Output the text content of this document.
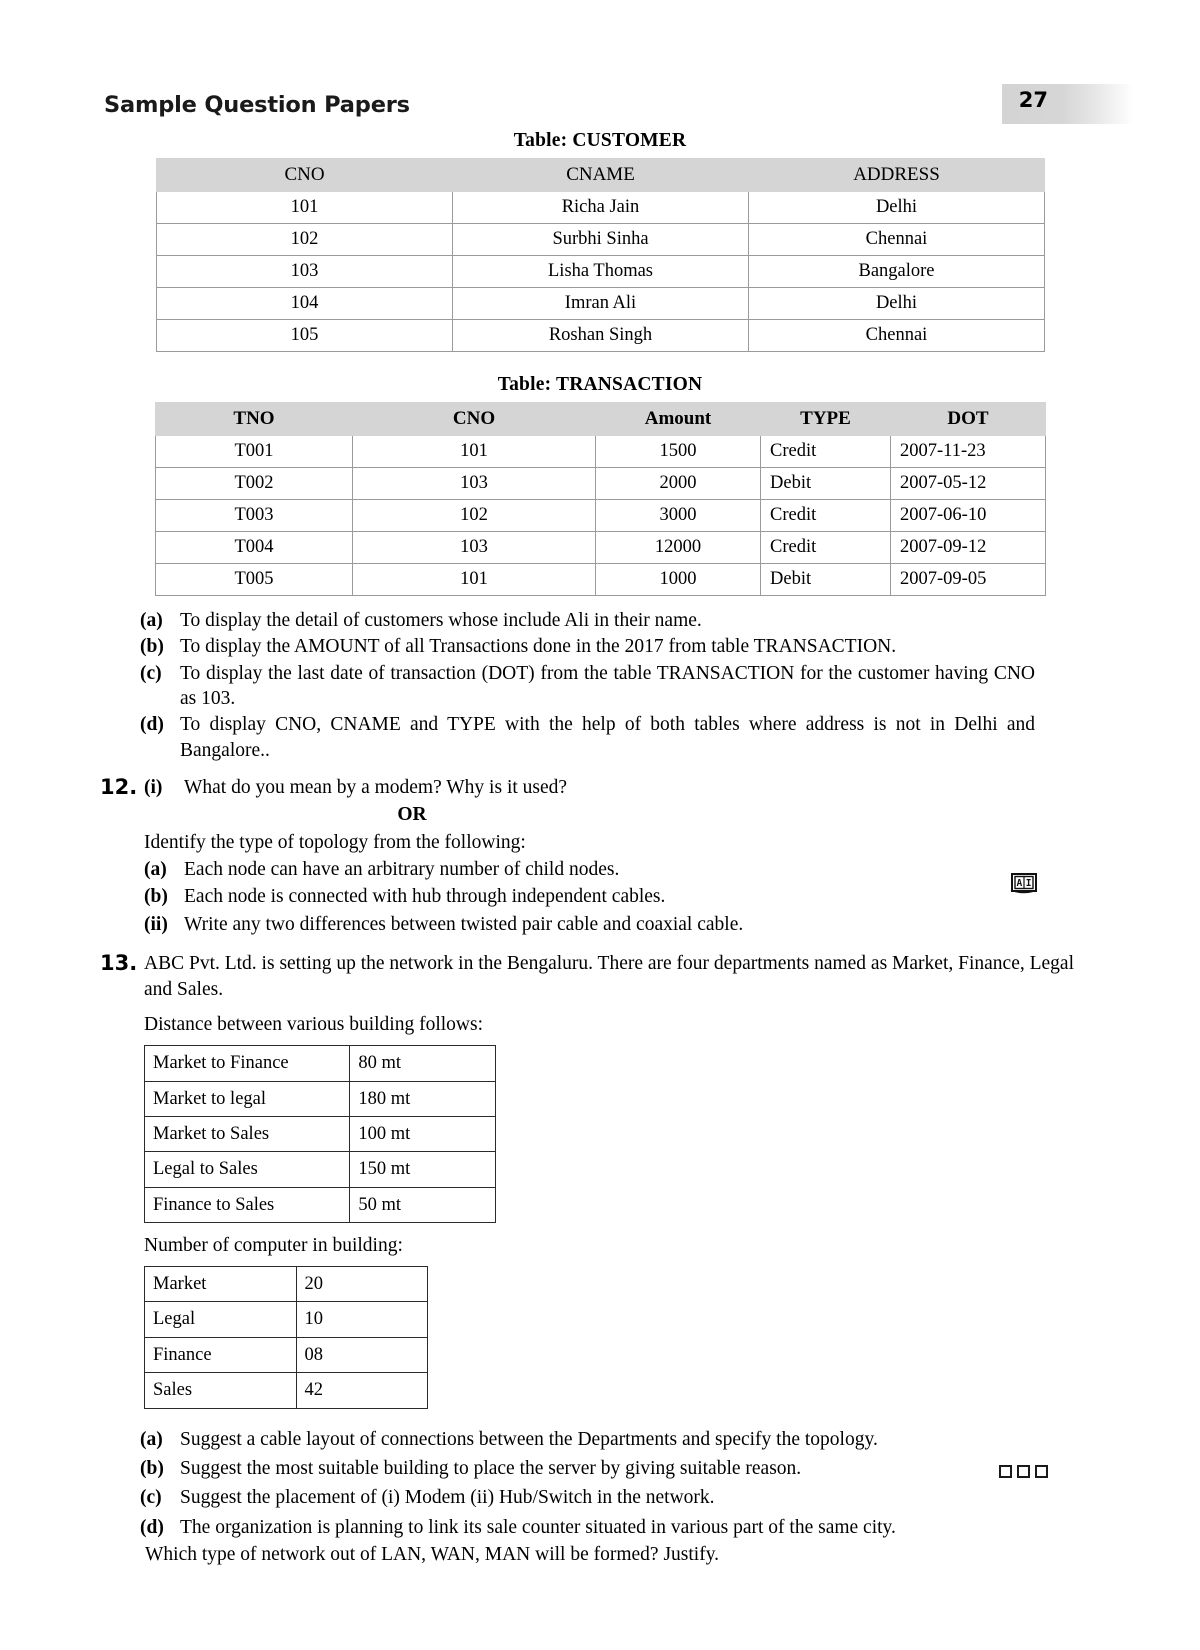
Sample Question Papers	27
Table: CUSTOMER
CNO	CNAME	ADDRESS
101	Richa Jain	Delhi
102	Surbhi Sinha	Chennai
103	Lisha Thomas	Bangalore
104	Imran Ali	Delhi
105	Roshan Singh	Chennai
Table: TRANSACTION
TNO	CNO	Amount	TYPE	DOT
T001	101	1500	Credit	2007-11-23
T002	103	2000	Debit	2007-05-12
T003	102	3000	Credit	2007-06-10
T004	103	12000	Credit	2007-09-12
T005	101	1000	Debit	2007-09-05
(a) To display the detail of customers whose include Ali in their name.
(b) To display the AMOUNT of all Transactions done in the 2017 from table TRANSACTION.
(c) To display the last date of transaction (DOT) from the table TRANSACTION for the customer having CNO as 103.
(d) To display CNO, CNAME and TYPE with the help of both tables where address is not in Delhi and Bangalore..
12. (i)	What do you mean by a modem? Why is it used?
OR
Identify the type of topology from the following:
(a) Each node can have an arbitrary number of child nodes.
(b) Each node is connected with hub through independent cables.
(ii) Write any two differences between twisted pair cable and coaxial cable.
13. ABC Pvt. Ltd. is setting up the network in the Bengaluru. There are four departments named as Market, Finance, Legal and Sales.
Distance between various building follows:
Market to Finance	80 mt
Market to legal	180 mt
Market to Sales	100 mt
Legal to Sales	150 mt
Finance to Sales	50 mt
Number of computer in building:
Market	20
Legal	10
Finance	08
Sales	42
(a) Suggest a cable layout of connections between the Departments and specify the topology.
(b) Suggest the most suitable building to place the server by giving suitable reason.
(c) Suggest the placement of (i) Modem (ii) Hub/Switch in the network.
(d) The organization is planning to link its sale counter situated in various part of the same city.
Which type of network out of LAN, WAN, MAN will be formed? Justify.
A I
